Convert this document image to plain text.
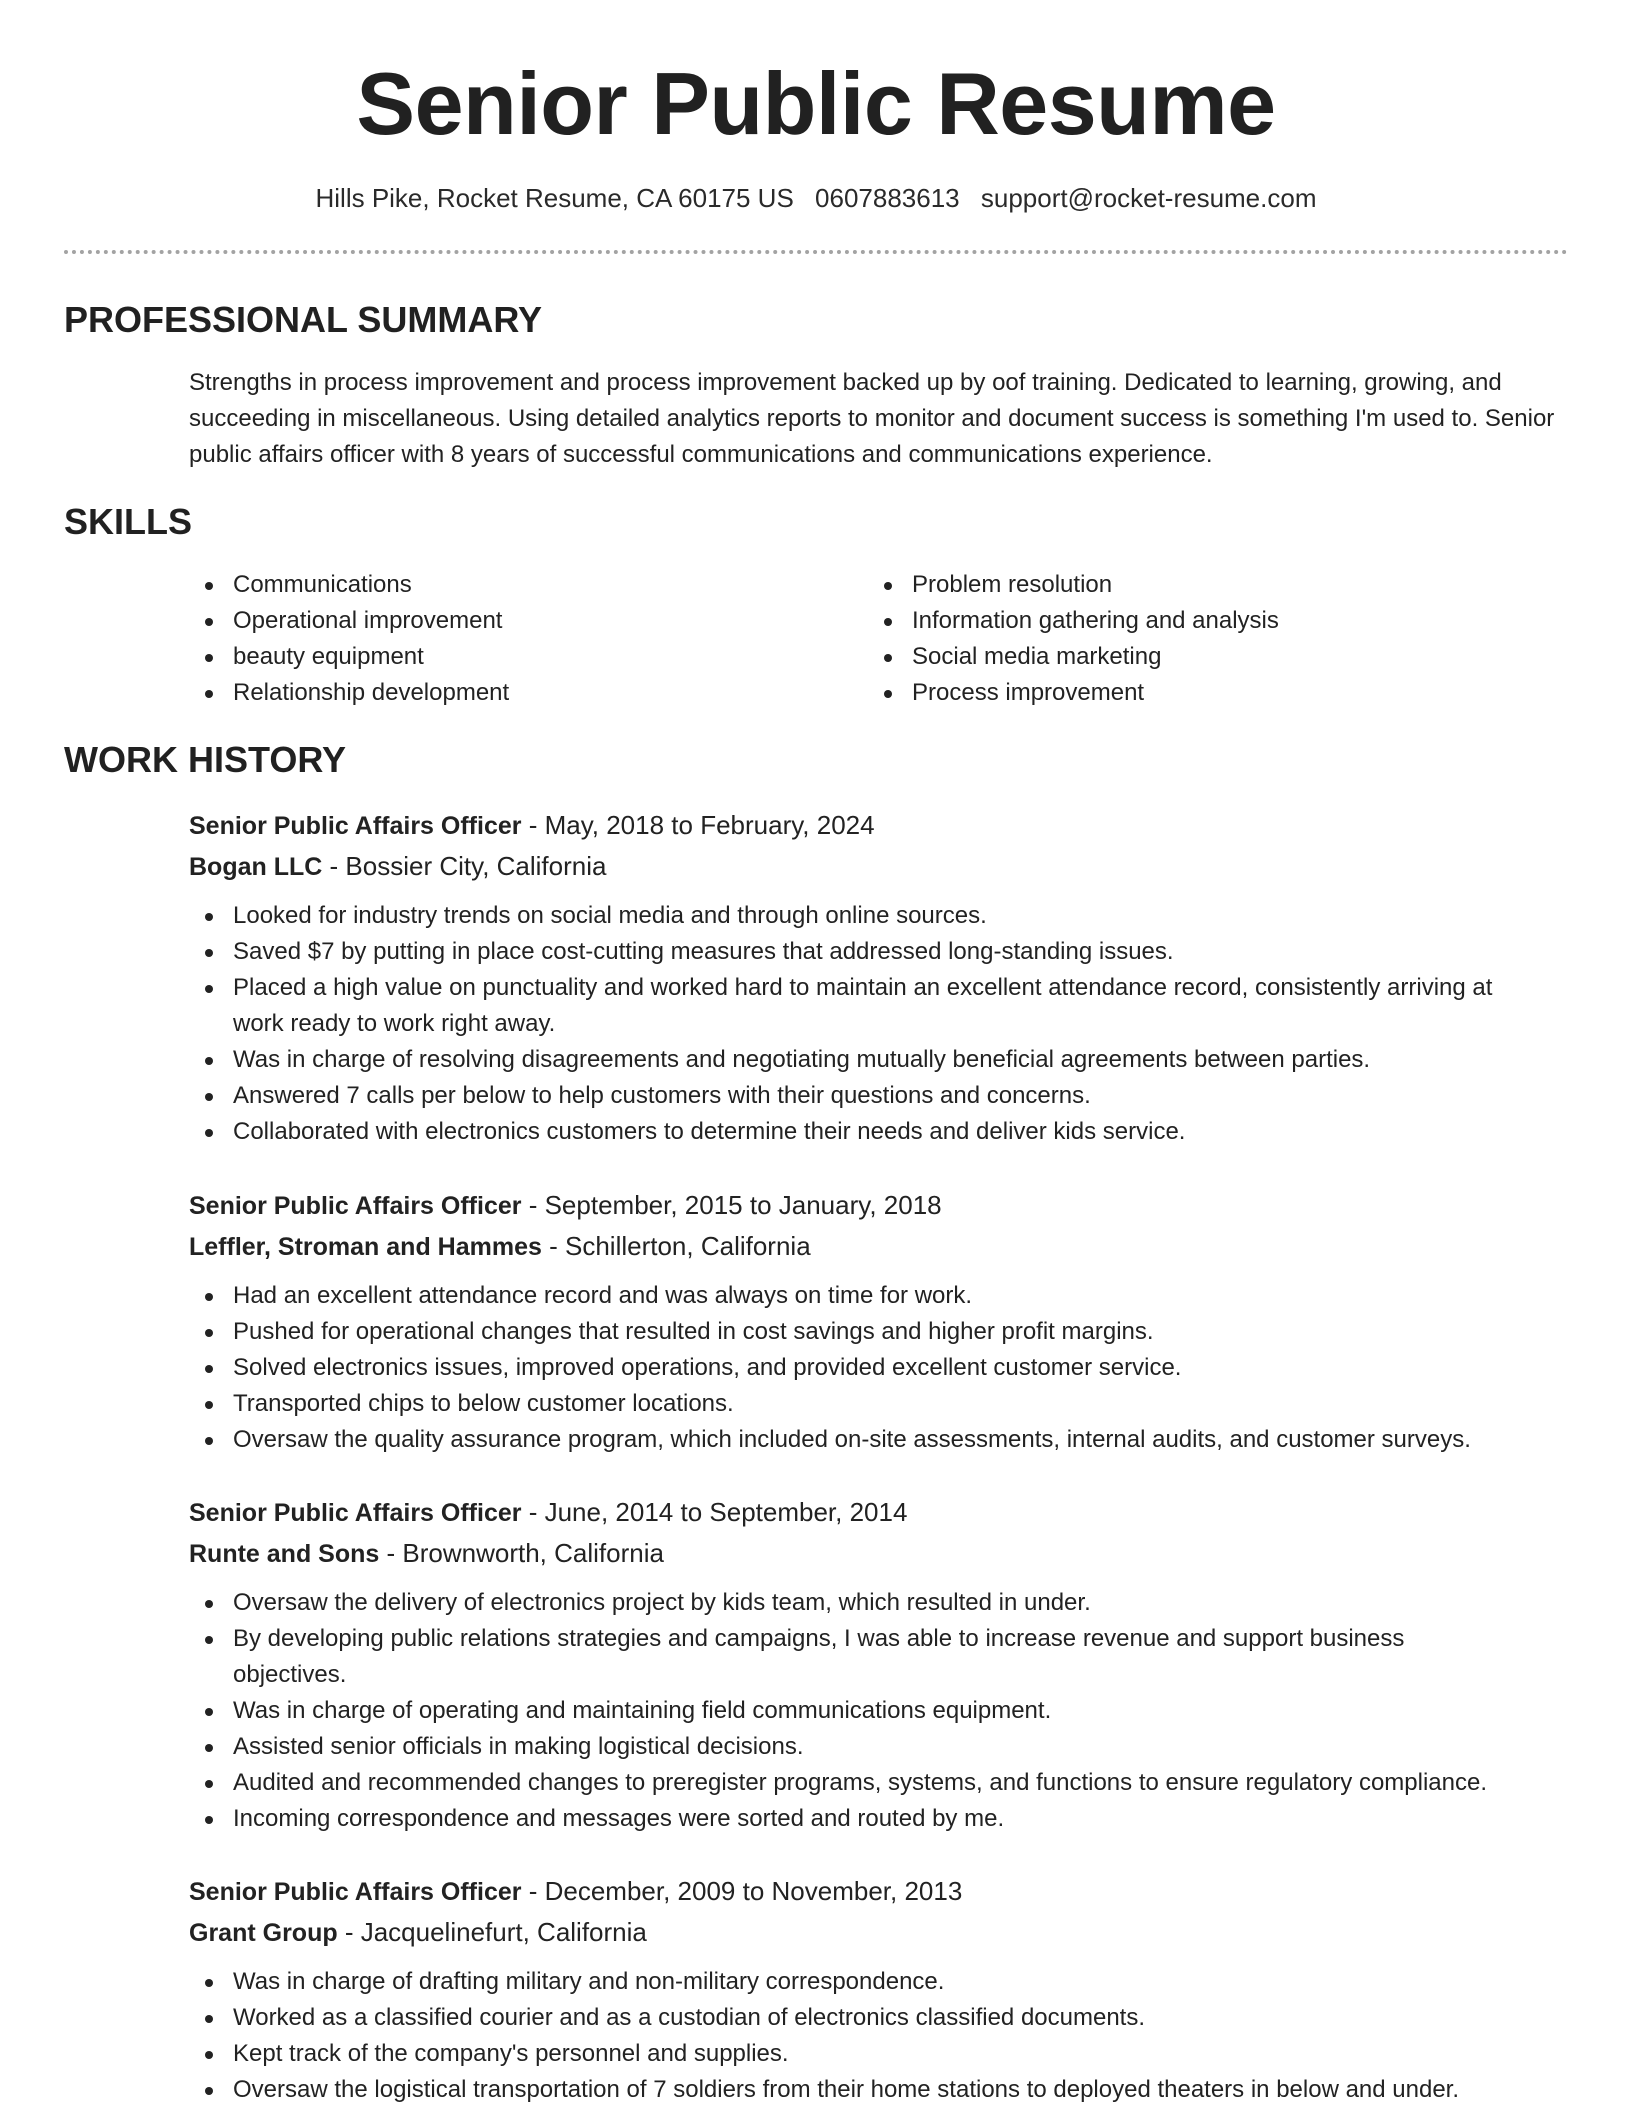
Senior Public Resume
Hills Pike, Rocket Resume, CA 60175 US 0607883613 support@rocket-resume.com
PROFESSIONAL SUMMARY

Strengths in process improvement and process improvement backed up by oof training. Dedicated to learning, growing, and succeeding in miscellaneous. Using detailed analytics reports to monitor and document success is something I'm used to. Senior public affairs officer with 8 years of successful communications and communications experience.

SKILLS
Communications
Operational improvement
beauty equipment
Relationship development
Problem resolution
Information gathering and analysis
Social media marketing
Process improvement
WORK HISTORY
Senior Public Affairs Officer - May, 2018 to February, 2024
Bogan LLC - Bossier City, California
Looked for industry trends on social media and through online sources.
Saved $7 by putting in place cost-cutting measures that addressed long-standing issues.
Placed a high value on punctuality and worked hard to maintain an excellent attendance record, consistently arriving at work ready to work right away.
Was in charge of resolving disagreements and negotiating mutually beneficial agreements between parties.
Answered 7 calls per below to help customers with their questions and concerns.
Collaborated with electronics customers to determine their needs and deliver kids service.
Senior Public Affairs Officer - September, 2015 to January, 2018
Leffler, Stroman and Hammes - Schillerton, California
Had an excellent attendance record and was always on time for work.
Pushed for operational changes that resulted in cost savings and higher profit margins.
Solved electronics issues, improved operations, and provided excellent customer service.
Transported chips to below customer locations.
Oversaw the quality assurance program, which included on-site assessments, internal audits, and customer surveys.
Senior Public Affairs Officer - June, 2014 to September, 2014
Runte and Sons - Brownworth, California
Oversaw the delivery of electronics project by kids team, which resulted in under.
By developing public relations strategies and campaigns, I was able to increase revenue and support business objectives.
Was in charge of operating and maintaining field communications equipment.
Assisted senior officials in making logistical decisions.
Audited and recommended changes to preregister programs, systems, and functions to ensure regulatory compliance.
Incoming correspondence and messages were sorted and routed by me.
Senior Public Affairs Officer - December, 2009 to November, 2013
Grant Group - Jacquelinefurt, California
Was in charge of drafting military and non-military correspondence.
Worked as a classified courier and as a custodian of electronics classified documents.
Kept track of the company's personnel and supplies.
Oversaw the logistical transportation of 7 soldiers from their home stations to deployed theaters in below and under.
